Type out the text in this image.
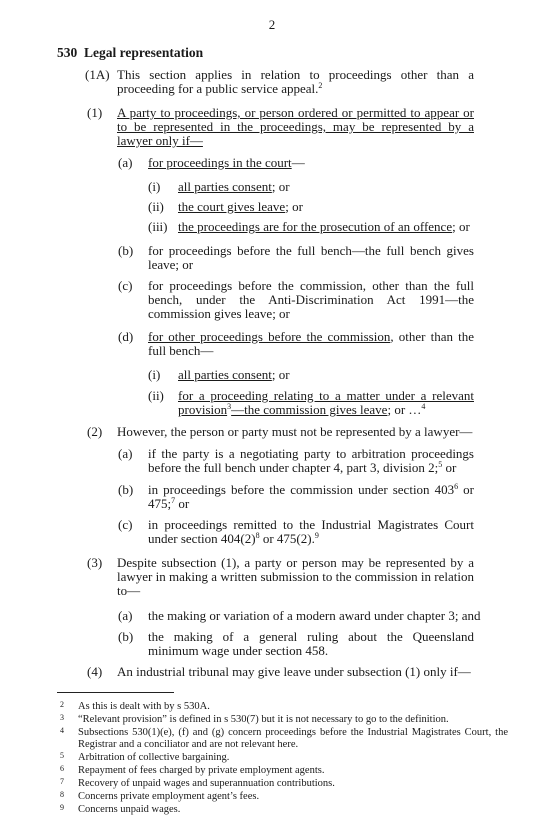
2
530 Legal representation
(1A) This section applies in relation to proceedings other than a proceeding for a public service appeal.$^2$
(1) A party to proceedings, or person ordered or permitted to appear or to be represented in the proceedings, may be represented by a lawyer only if—
(a) for proceedings in the court—
(i) all parties consent; or
(ii) the court gives leave; or
(iii) the proceedings are for the prosecution of an offence; or
(b) for proceedings before the full bench—the full bench gives leave; or
(c) for proceedings before the commission, other than the full bench, under the Anti-Discrimination Act 1991—the commission gives leave; or
(d) for other proceedings before the commission, other than the full bench—
(i) all parties consent; or
(ii) for a proceeding relating to a matter under a relevant provision$^3$—the commission gives leave; or …$^4$
(2) However, the person or party must not be represented by a lawyer—
(a) if the party is a negotiating party to arbitration proceedings before the full bench under chapter 4, part 3, division 2;$^5$ or
(b) in proceedings before the commission under section $403^6$ or 475;$^7$ or
(c) in proceedings remitted to the Industrial Magistrates Court under section $404(2)^8$ or 475(2).$^9$
(3) Despite subsection (1), a party or person may be represented by a lawyer in making a written submission to the commission in relation to—
(a) the making or variation of a modern award under chapter 3; and
(b) the making of a general ruling about the Queensland minimum wage under section 458.
(4) An industrial tribunal may give leave under subsection (1) only if—
2 As this is dealt with by s 530A.
3 “Relevant provision” is defined in s 530(7) but it is not necessary to go to the definition.
4 Subsections 530(1)(e), (f) and (g) concern proceedings before the Industrial Magistrates Court, the Registrar and a conciliator and are not relevant here.
5 Arbitration of collective bargaining.
6 Repayment of fees charged by private employment agents.
7 Recovery of unpaid wages and superannuation contributions.
8 Concerns private employment agent’s fees.
9 Concerns unpaid wages.
